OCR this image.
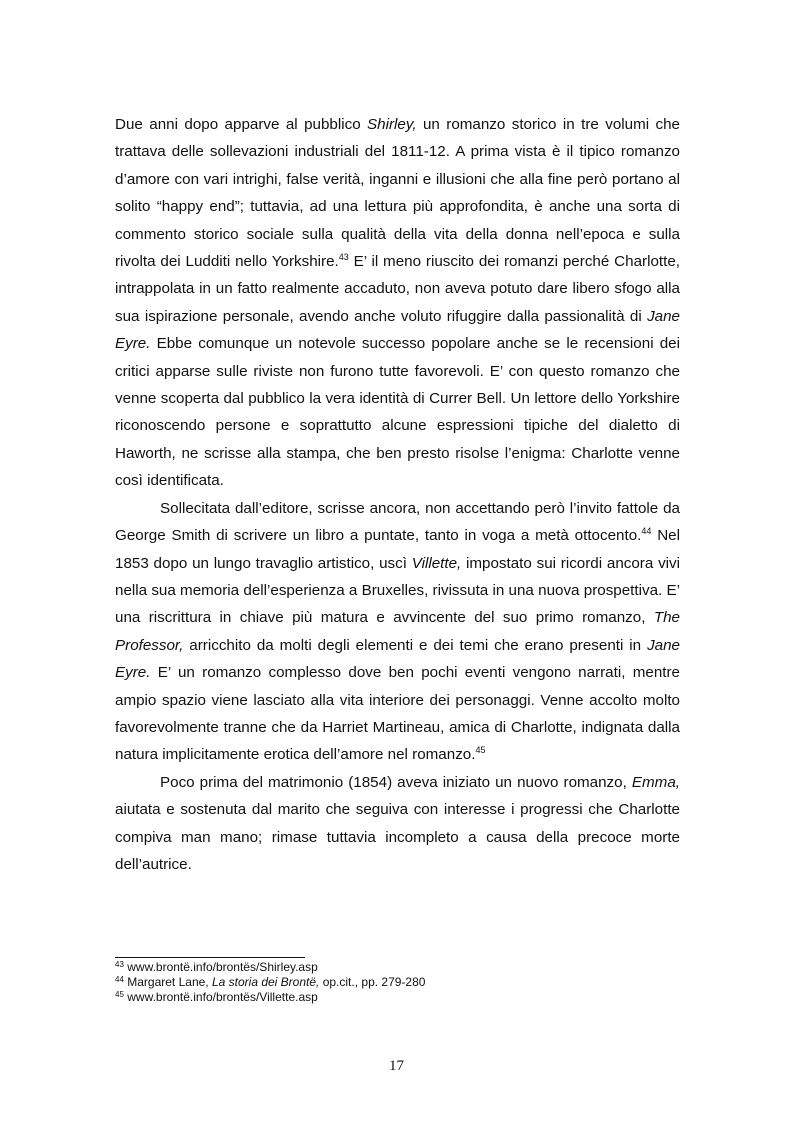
Due anni dopo apparve al pubblico Shirley, un romanzo storico in tre volumi che trattava delle sollevazioni industriali del 1811-12. A prima vista è il tipico romanzo d’amore con vari intrighi, false verità, inganni e illusioni che alla fine però portano al solito “happy end”; tuttavia, ad una lettura più approfondita, è anche una sorta di commento storico sociale sulla qualità della vita della donna nell’epoca e sulla rivolta dei Ludditi nello Yorkshire.$^{43}$ E’ il meno riuscito dei romanzi perché Charlotte, intrappolata in un fatto realmente accaduto, non aveva potuto dare libero sfogo alla sua ispirazione personale, avendo anche voluto rifuggire dalla passionalità di Jane Eyre. Ebbe comunque un notevole successo popolare anche se le recensioni dei critici apparse sulle riviste non furono tutte favorevoli. E’ con questo romanzo che venne scoperta dal pubblico la vera identità di Currer Bell. Un lettore dello Yorkshire riconoscendo persone e soprattutto alcune espressioni tipiche del dialetto di Haworth, ne scrisse alla stampa, che ben presto risolse l’enigma: Charlotte venne così identificata.

Sollecitata dall’editore, scrisse ancora, non accettando però l’invito fattole da George Smith di scrivere un libro a puntate, tanto in voga a metà ottocento.$^{44}$ Nel 1853 dopo un lungo travaglio artistico, uscì Villette, impostato sui ricordi ancora vivi nella sua memoria dell’esperienza a Bruxelles, rivissuta in una nuova prospettiva. E’ una riscrittura in chiave più matura e avvincente del suo primo romanzo, The Professor, arricchito da molti degli elementi e dei temi che erano presenti in Jane Eyre. E’ un romanzo complesso dove ben pochi eventi vengono narrati, mentre ampio spazio viene lasciato alla vita interiore dei personaggi. Venne accolto molto favorevolmente tranne che da Harriet Martineau, amica di Charlotte, indignata dalla natura implicitamente erotica dell’amore nel romanzo.$^{45}$

Poco prima del matrimonio (1854) aveva iniziato un nuovo romanzo, Emma, aiutata e sostenuta dal marito che seguiva con interesse i progressi che Charlotte compiva man mano; rimase tuttavia incompleto a causa della precoce morte dell’autrice.

$^{43}$ www.brontë.info/brontës/Shirley.asp
$^{44}$ Margaret Lane, La storia dei Brontë, op.cit., pp. 279-280
$^{45}$ www.brontë.info/brontës/Villette.asp
17
